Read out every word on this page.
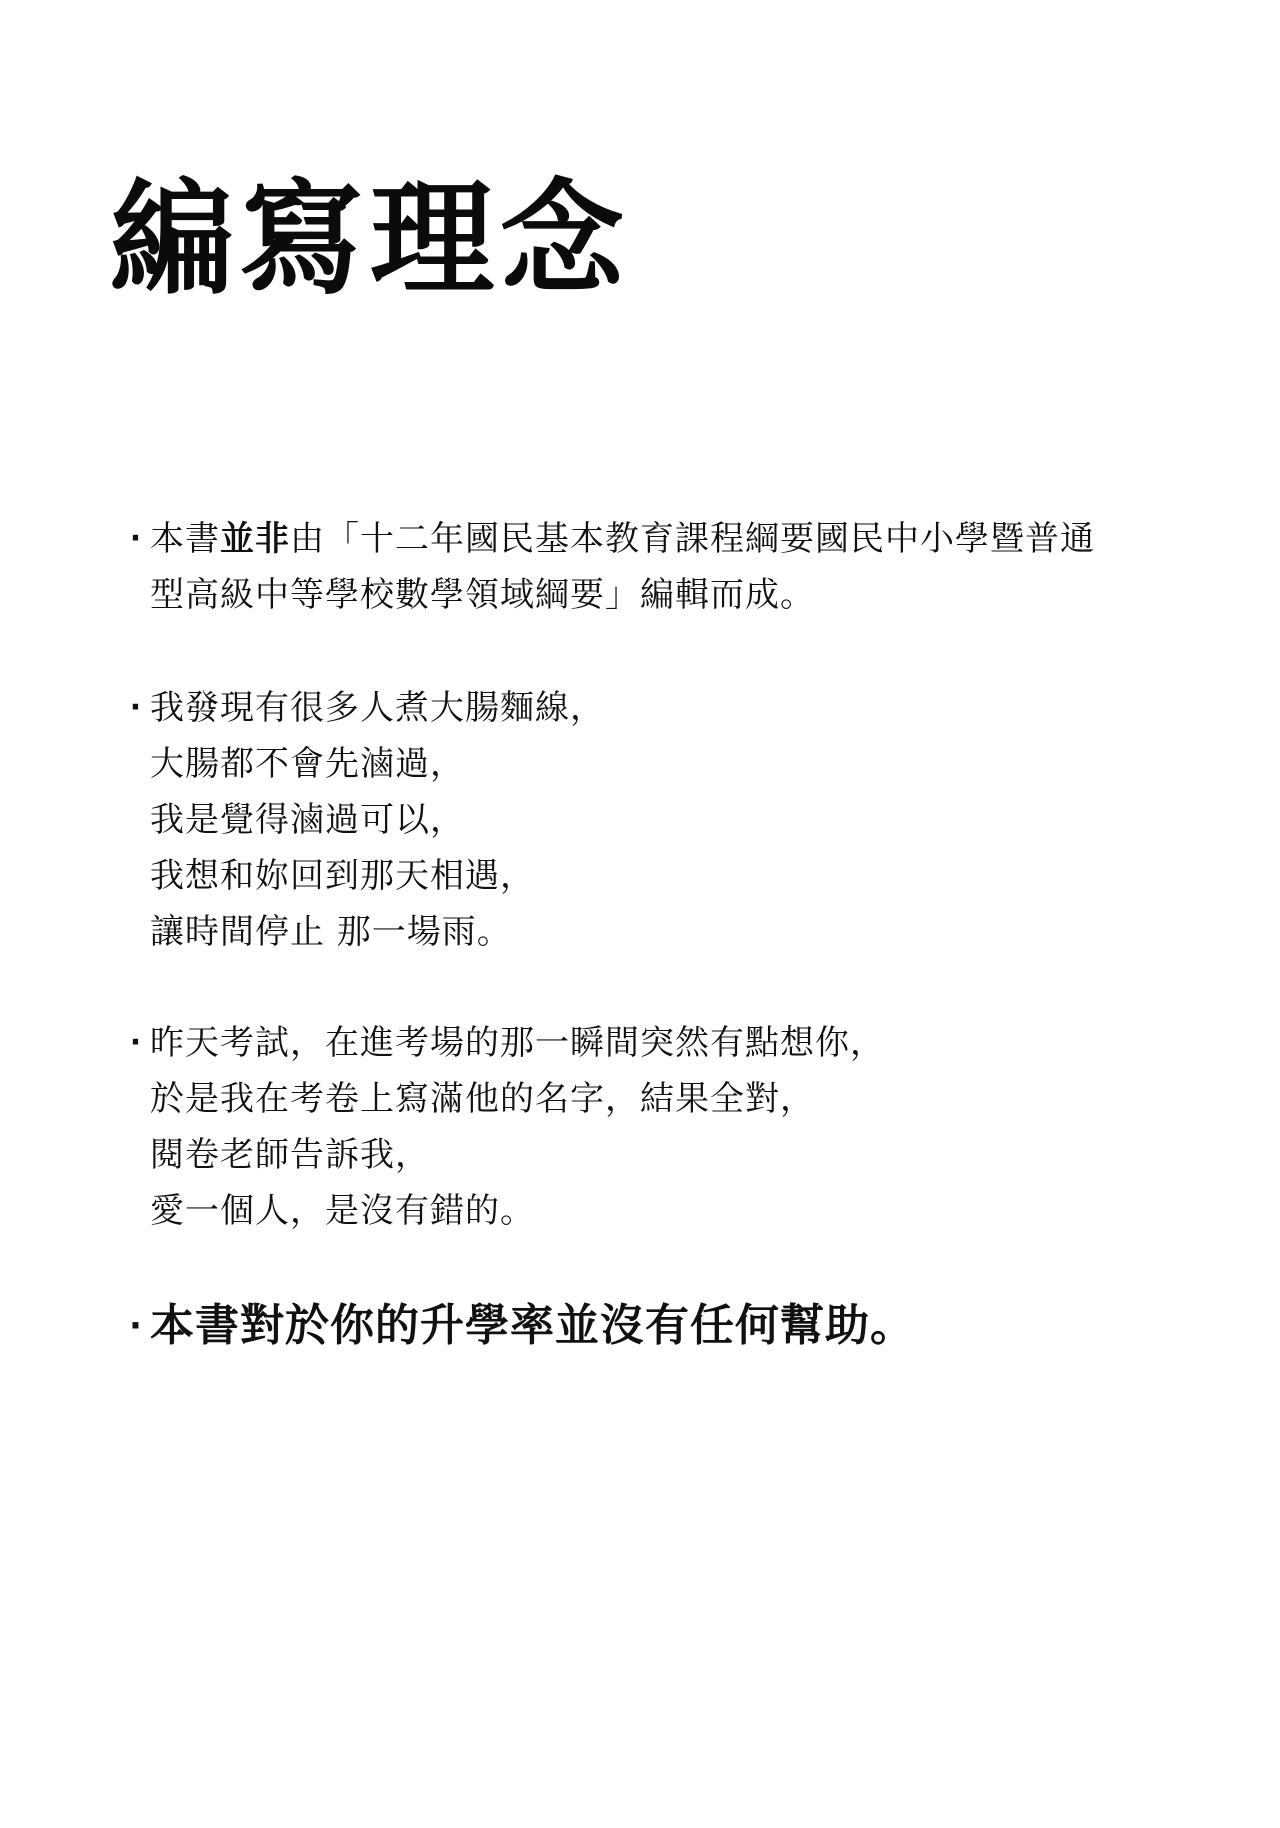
編寫理念
· 本書並非由「十二年國民基本教育課程綱要國民中小學暨普通
型高級中等學校數學領域綱要」編輯而成。
· 我發現有很多人煮大腸麵線，
大腸都不會先滷過，
我是覺得滷過可以，
我想和妳回到那天相遇，
讓時間停止 那一場雨。
· 昨天考試，在進考場的那一瞬間突然有點想你，
於是我在考卷上寫滿他的名字，結果全對，
閱卷老師告訴我，
愛一個人，是沒有錯的。
· 本書對於你的升學率並沒有任何幫助。
